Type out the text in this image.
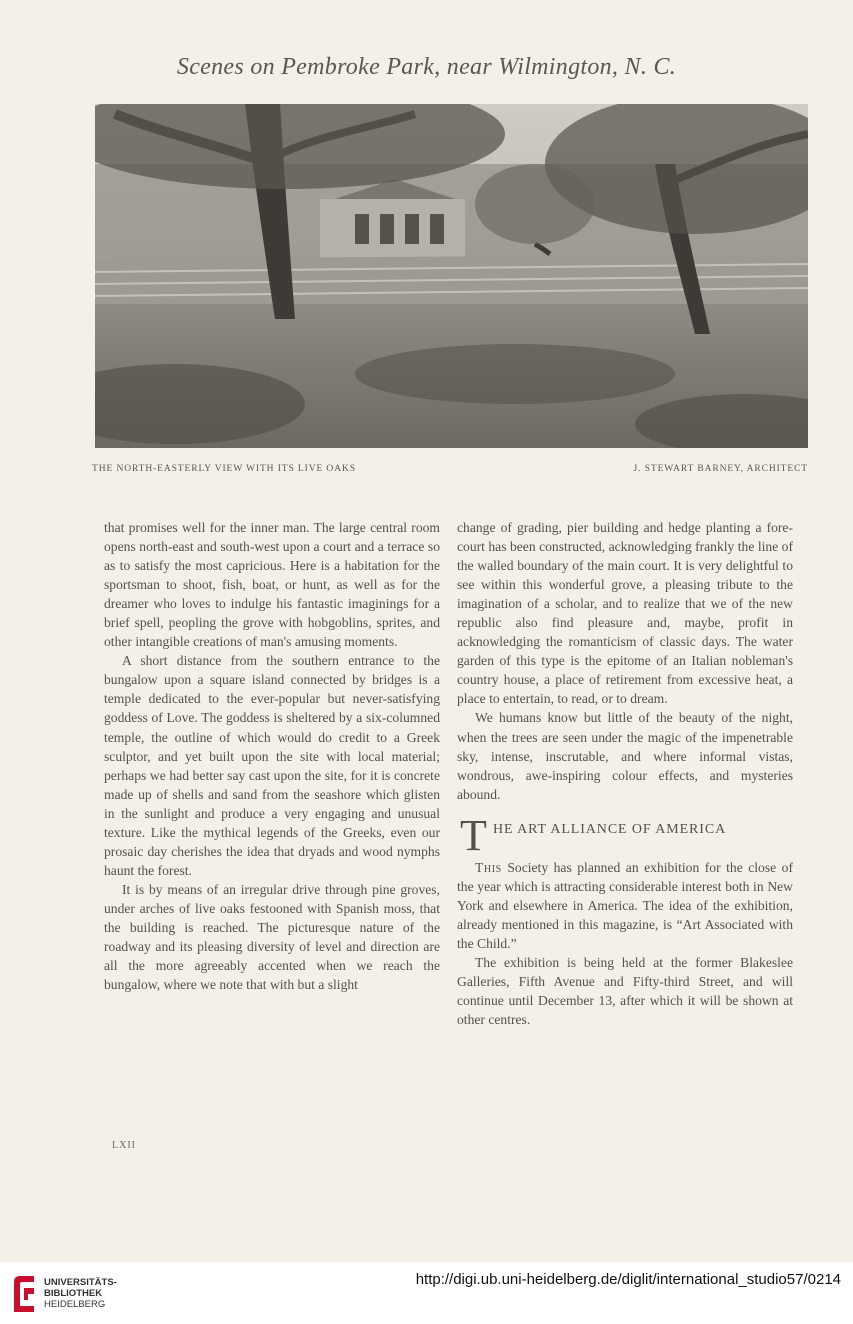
Scenes on Pembroke Park, near Wilmington, N. C.
THE NORTH-EASTERLY VIEW WITH ITS LIVE OAKS	J. STEWART BARNEY, ARCHITECT

that promises well for the inner man. The large central room opens north-east and south-west upon a court and a terrace so as to satisfy the most capricious. Here is a habitation for the sportsman to shoot, fish, boat, or hunt, as well as for the dreamer who loves to indulge his fantastic imaginings for a brief spell, peopling the grove with hobgoblins, sprites, and other intangible creations of man's amusing moments.

A short distance from the southern entrance to the bungalow upon a square island connected by bridges is a temple dedicated to the ever-popular but never-satisfying goddess of Love. The goddess is sheltered by a six-columned temple, the outline of which would do credit to a Greek sculptor, and yet built upon the site with local material; perhaps we had better say cast upon the site, for it is concrete made up of shells and sand from the seashore which glisten in the sunlight and produce a very engaging and unusual texture. Like the mythical legends of the Greeks, even our prosaic day cherishes the idea that dryads and wood nymphs haunt the forest.

It is by means of an irregular drive through pine groves, under arches of live oaks festooned with Spanish moss, that the building is reached. The picturesque nature of the roadway and its pleasing diversity of level and direction are all the more agreeably accented when we reach the bungalow, where we note that with but a slight

change of grading, pier building and hedge planting a fore-court has been constructed, acknowledging frankly the line of the walled boundary of the main court. It is very delightful to see within this wonderful grove, a pleasing tribute to the imagination of a scholar, and to realize that we of the new republic also find pleasure and, maybe, profit in acknowledging the romanticism of classic days. The water garden of this type is the epitome of an Italian nobleman's country house, a place of retirement from excessive heat, a place to entertain, to read, or to dream.

We humans know but little of the beauty of the night, when the trees are seen under the magic of the impenetrable sky, intense, inscrutable, and where informal vistas, wondrous, awe-inspiring colour effects, and mysteries abound.

T HE ART ALLIANCE OF AMERICA

This Society has planned an exhibition for the close of the year which is attracting considerable interest both in New York and elsewhere in America. The idea of the exhibition, already mentioned in this magazine, is “Art Associated with the Child.”

The exhibition is being held at the former Blakeslee Galleries, Fifth Avenue and Fifty-third Street, and will continue until December 13, after which it will be shown at other centres.

LXII
UNIVERSITÄTS-
BIBLIOTHEK
HEIDELBERG
http://digi.ub.uni-heidelberg.de/diglit/international_studio57/0214
